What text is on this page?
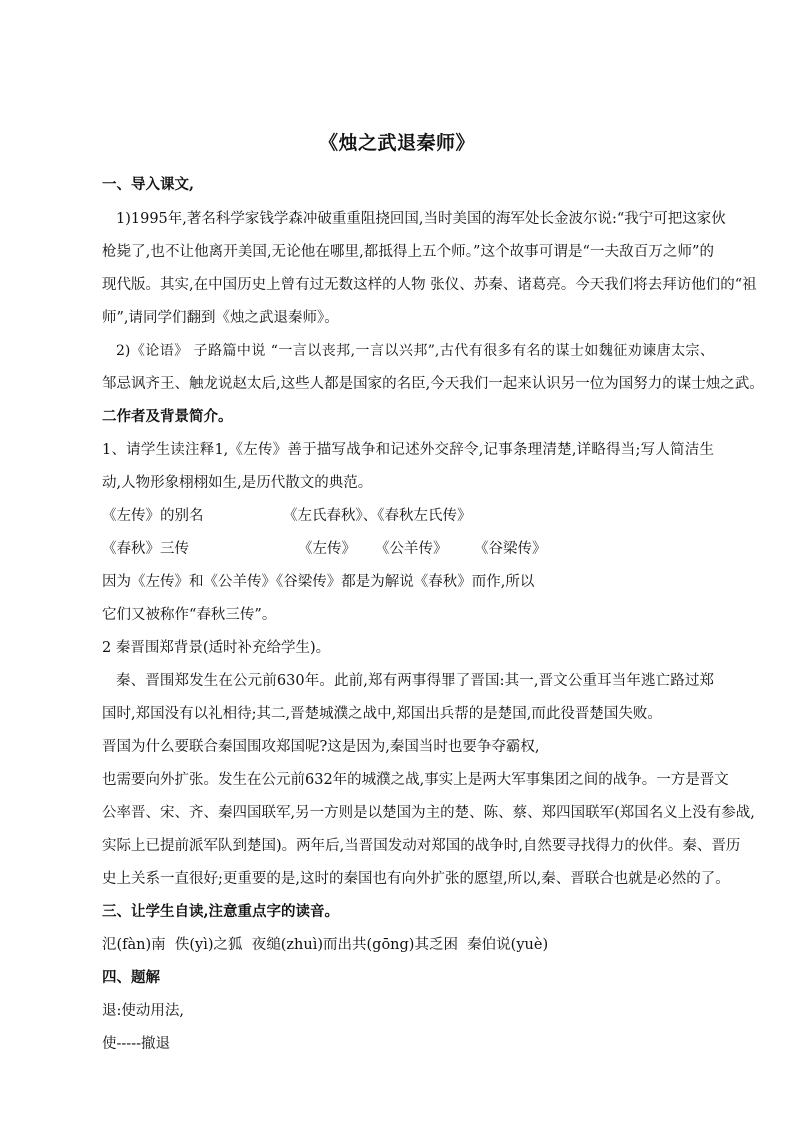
《烛之武退秦师》
一、导入课文,
1)1995年,著名科学家钱学森冲破重重阻挠回国,当时美国的海军处长金波尔说:“我宁可把这家伙
枪毙了,也不让他离开美国,无论他在哪里,都抵得上五个师。”这个故事可谓是“一夫敌百万之师”的
现代版。其实,在中国历史上曾有过无数这样的人物 张仪、苏秦、诸葛亮。今天我们将去拜访他们的“祖
师”,请同学们翻到《烛之武退秦师》。
2)《论语》 子路篇中说 “一言以丧邦,一言以兴邦”,古代有很多有名的谋士如魏征劝谏唐太宗、
邹忌讽齐王、触龙说赵太后,这些人都是国家的名臣,今天我们一起来认识另一位为国努力的谋士烛之武。
二作者及背景简介。
1、请学生读注释1,《左传》善于描写战争和记述外交辞令,记事条理清楚,详略得当;写人简洁生
动,人物形象栩栩如生,是历代散文的典范。
《左传》的别名	《左氏春秋》、《春秋左氏传》
《春秋》三传	《左传》 《公羊传》 《谷梁传》
因为《左传》和《公羊传》《谷梁传》都是为解说《春秋》而作,所以
它们又被称作“春秋三传”。
2 秦晋围郑背景(适时补充给学生)。
秦、晋围郑发生在公元前630年。此前,郑有两事得罪了晋国:其一,晋文公重耳当年逃亡路过郑
国时,郑国没有以礼相待;其二,晋楚城濮之战中,郑国出兵帮的是楚国,而此役晋楚国失败。
晋国为什么要联合秦国围攻郑国呢?这是因为,秦国当时也要争夺霸权,
也需要向外扩张。发生在公元前632年的城濮之战,事实上是两大军事集团之间的战争。一方是晋文
公率晋、宋、齐、秦四国联军,另一方则是以楚国为主的楚、陈、蔡、郑四国联军(郑国名义上没有参战,
实际上已提前派军队到楚国)。两年后,当晋国发动对郑国的战争时,自然要寻找得力的伙伴。秦、晋历
史上关系一直很好;更重要的是,这时的秦国也有向外扩张的愿望,所以,秦、晋联合也就是必然的了。
三、让学生自读,注意重点字的读音。
氾(fàn)南  佚(yì)之狐  夜缒(zhuì)而出共(gōng)其乏困  秦伯说(yuè)
四、题解
退:使动用法,
使-----撤退
